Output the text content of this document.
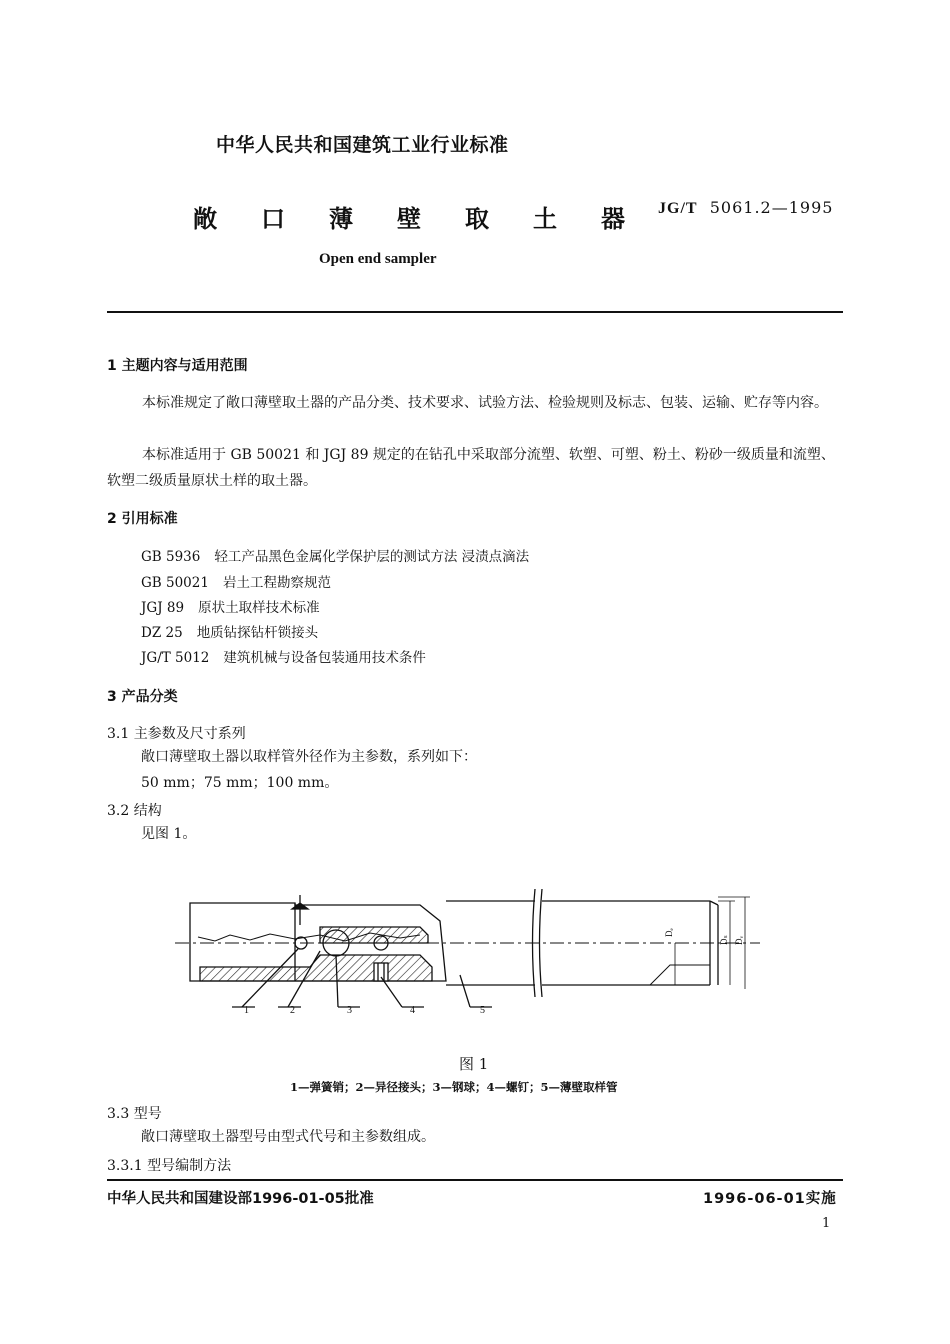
中华人民共和国建筑工业行业标准
敞口薄壁取土器
JG/T 5061.2—1995
Open end sampler
1 主题内容与适用范围
本标准规定了敞口薄壁取土器的产品分类、技术要求、试验方法、检验规则及标志、包装、运输、贮存等内容。
本标准适用于 GB 50021 和 JGJ 89 规定的在钻孔中采取部分流塑、软塑、可塑、粉土、粉砂一级质量和流塑、软塑二级质量原状土样的取土器。
2 引用标准
GB 5936 轻工产品黑色金属化学保护层的测试方法 浸渍点滴法
GB 50021 岩土工程勘察规范
JGJ 89 原状土取样技术标准
DZ 25 地质钻探钻杆锁接头
JG/T 5012 建筑机械与设备包装通用技术条件
3 产品分类
3.1 主参数及尺寸系列
敞口薄壁取土器以取样管外径作为主参数，系列如下：
50 mm；75 mm；100 mm。
3.2 结构
见图 1。
1	2	3	4	5
Dₑ
Dₛ Dᵥ
图 1
1—弹簧销；2—异径接头；3—钢球；4—螺钉；5—薄壁取样管
3.3 型号
敞口薄壁取土器型号由型式代号和主参数组成。
3.3.1 型号编制方法
中华人民共和国建设部1996-01-05批准	1996-06-01实施
1
